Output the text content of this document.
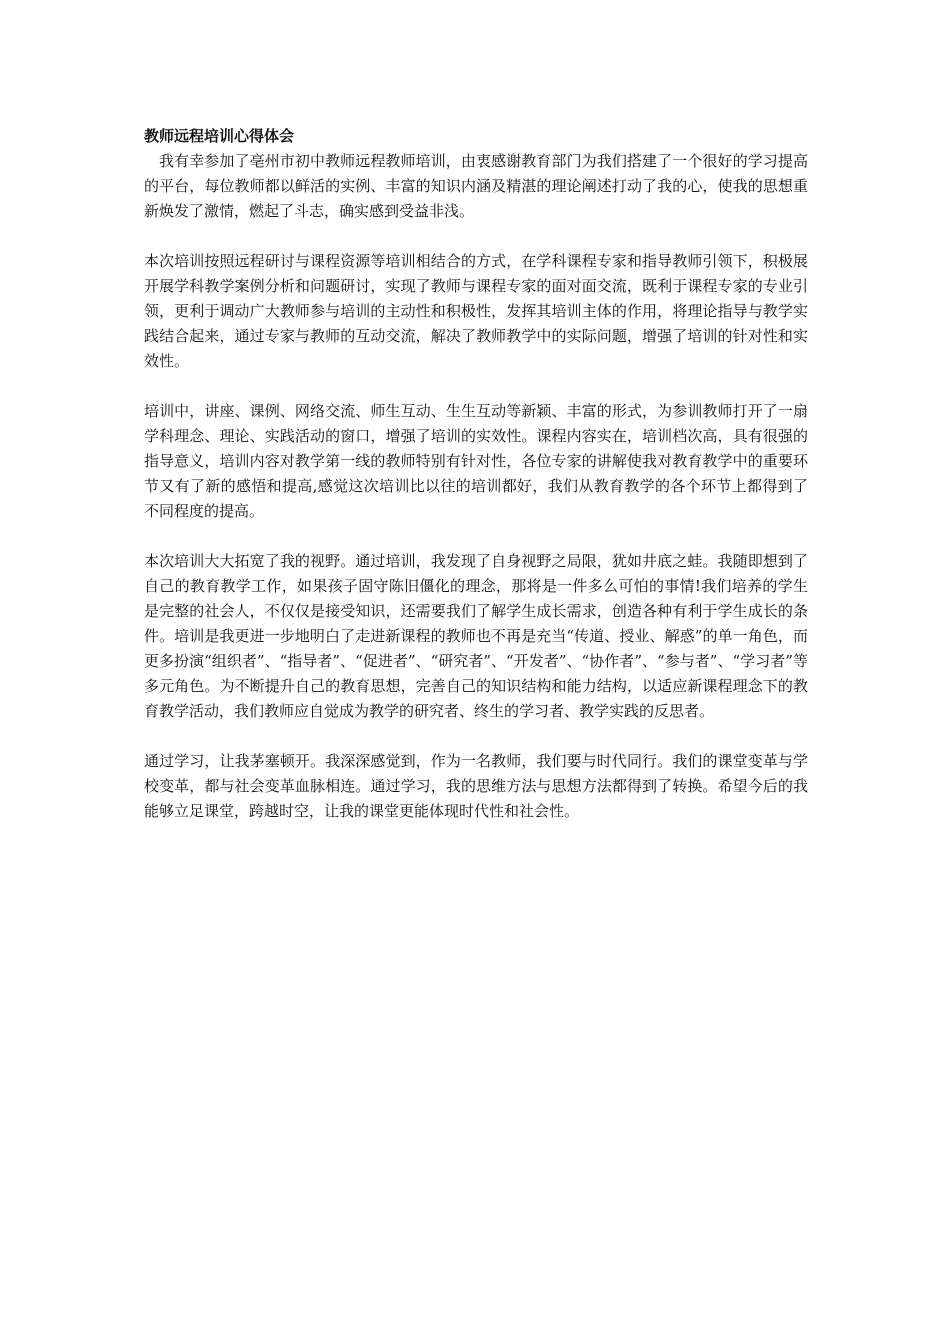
教师远程培训心得体会

我有幸参加了亳州市初中教师远程教师培训，由衷感谢教育部门为我们搭建了一个很好的学习提高的平台，每位教师都以鲜活的实例、丰富的知识内涵及精湛的理论阐述打动了我的心，使我的思想重新焕发了激情，燃起了斗志，确实感到受益非浅。

本次培训按照远程研讨与课程资源等培训相结合的方式，在学科课程专家和指导教师引领下，积极展开展学科教学案例分析和问题研讨，实现了教师与课程专家的面对面交流，既利于课程专家的专业引领，更利于调动广大教师参与培训的主动性和积极性，发挥其培训主体的作用，将理论指导与教学实践结合起来，通过专家与教师的互动交流，解决了教师教学中的实际问题，增强了培训的针对性和实效性。

培训中，讲座、课例、网络交流、师生互动、生生互动等新颖、丰富的形式，为参训教师打开了一扇学科理念、理论、实践活动的窗口，增强了培训的实效性。课程内容实在，培训档次高，具有很强的指导意义，培训内容对教学第一线的教师特别有针对性，各位专家的讲解使我对教育教学中的重要环节又有了新的感悟和提高,感觉这次培训比以往的培训都好，我们从教育教学的各个环节上都得到了不同程度的提高。

本次培训大大拓宽了我的视野。通过培训，我发现了自身视野之局限，犹如井底之蛙。我随即想到了自己的教育教学工作，如果孩子固守陈旧僵化的理念，那将是一件多么可怕的事情!我们培养的学生是完整的社会人，不仅仅是接受知识，还需要我们了解学生成长需求，创造各种有利于学生成长的条件。培训是我更进一步地明白了走进新课程的教师也不再是充当“传道、授业、解惑”的单一角色，而更多扮演“组织者”、“指导者”、“促进者”、“研究者”、“开发者”、“协作者”、“参与者”、“学习者”等多元角色。为不断提升自己的教育思想，完善自己的知识结构和能力结构，以适应新课程理念下的教育教学活动，我们教师应自觉成为教学的研究者、终生的学习者、教学实践的反思者。

通过学习，让我茅塞顿开。我深深感觉到，作为一名教师，我们要与时代同行。我们的课堂变革与学校变革，都与社会变革血脉相连。通过学习，我的思维方法与思想方法都得到了转换。希望今后的我能够立足课堂，跨越时空，让我的课堂更能体现时代性和社会性。
